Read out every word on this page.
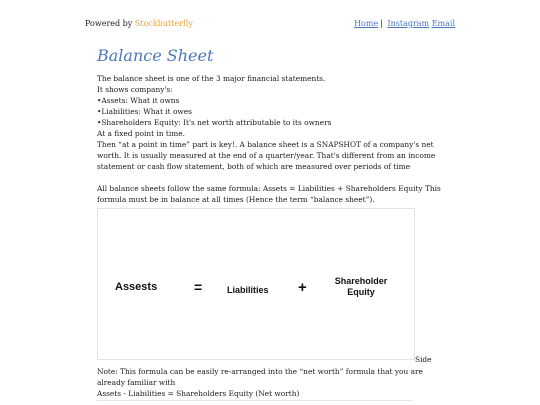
Powered by Stockbutterfly	Home | Instagram Email
Balance Sheet

The balance sheet is one of the 3 major financial statements.

It shows company's:

•Assets: What it owns

•Liabilities: What it owes

•Shareholders Equity: It's net worth attributable to its owners

At a fixed point in time.

Then “at a point in time” part is key!. A balance sheet is a SNAPSHOT of a company's net worth. It is usually measured at the end of a quarter/year. That's different from an income statement or cash flow statement, both of which are measured over periods of time

All balance sheets follow the same formula: Assets = Liabilities + Shareholders Equity This formula must be in balance at all times (Hence the term “balance sheet”).

Assests	=	Liabilities +	Shareholder
Equity
Side

Note: This formula can be easily re-arranged into the “net worth” formula that you are already familiar with

Assets - Liabilities = Shareholders Equity (Net worth)
